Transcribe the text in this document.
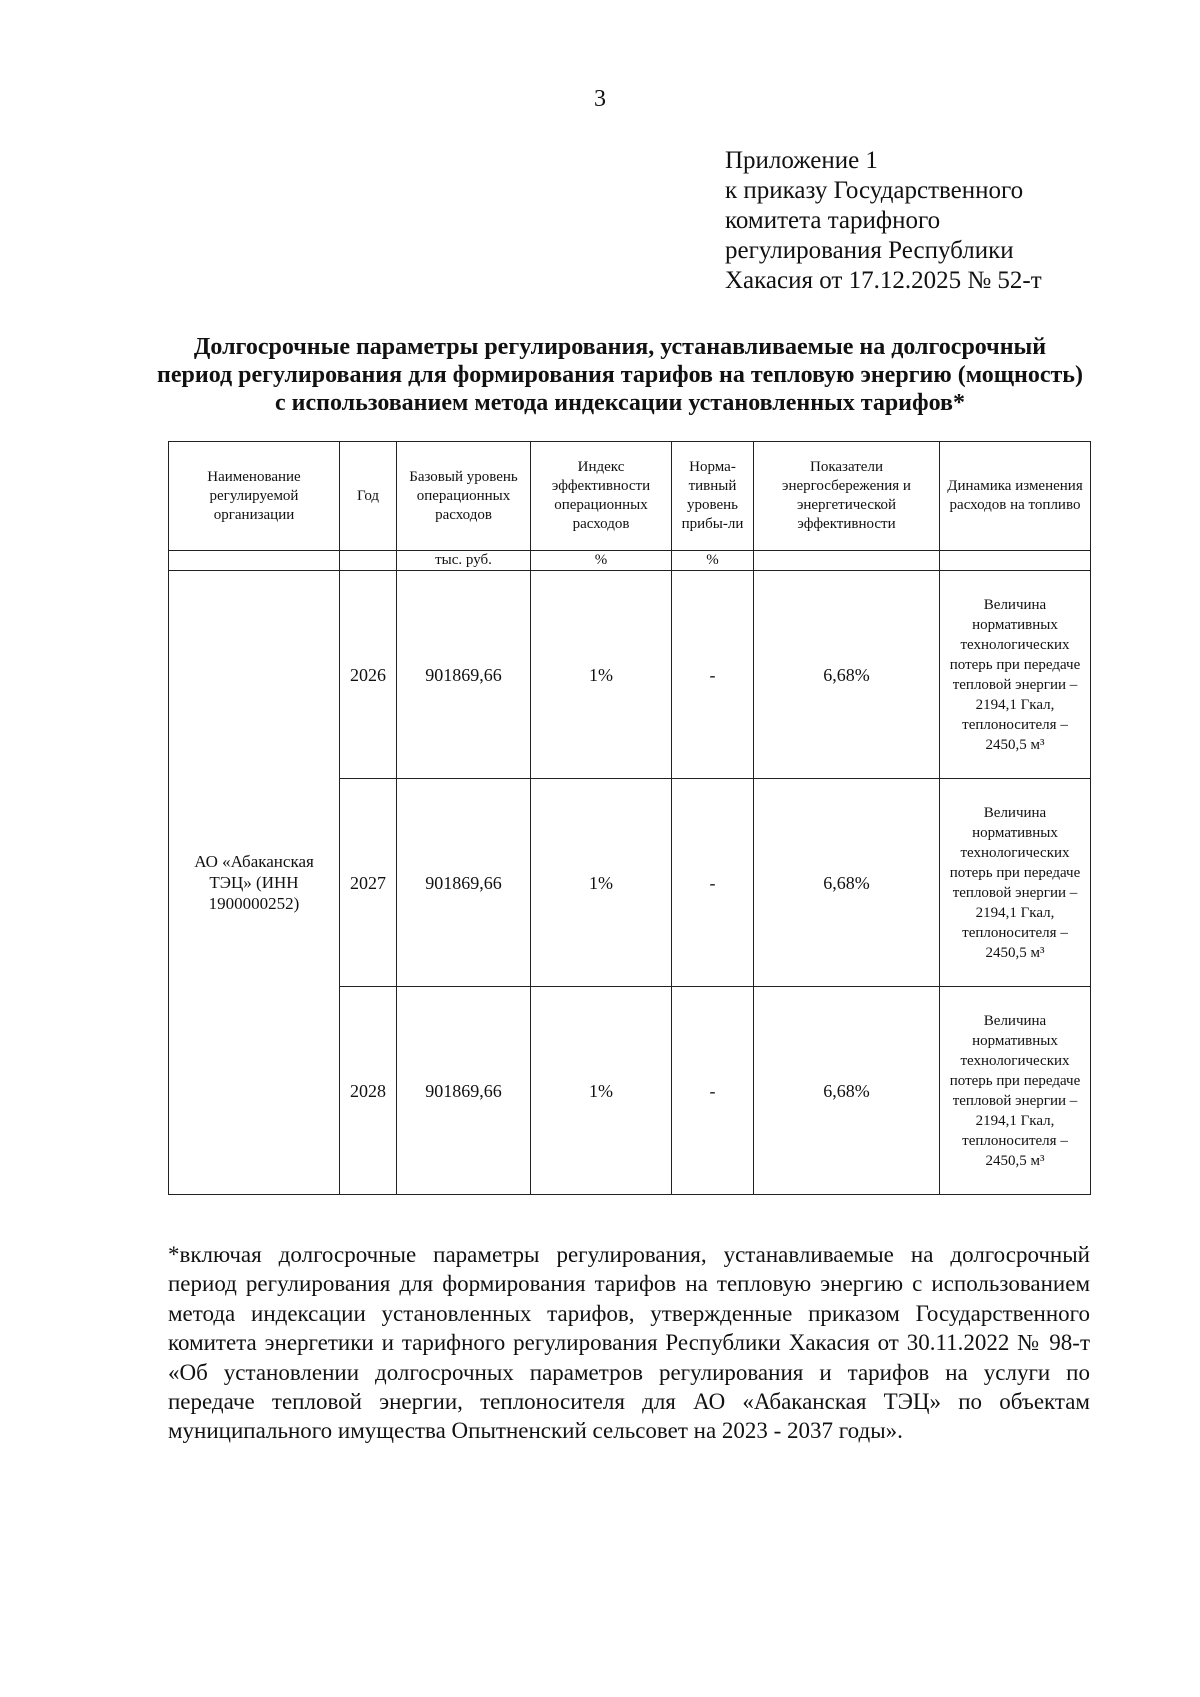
3
Приложение 1
к приказу Государственного
комитета тарифного
регулирования Республики
Хакасия от 17.12.2025 № 52-т
Долгосрочные параметры регулирования, устанавливаемые на долгосрочный
период регулирования для формирования тарифов на тепловую энергию (мощность)
с использованием метода индексации установленных тарифов*
Наименование регулируемой организации	Год	Базовый уровень операционных расходов	Индекс эффективности операционных расходов	Норма-тивный уровень прибы-ли	Показатели энергосбережения и энергетической эффективности	Динамика изменения расходов на топливо
		тыс. руб.	%	%		
АО «Абаканская ТЭЦ» (ИНН 1900000252)	2026	901869,66	1%	-	6,68%	Величина нормативных технологических потерь при передаче тепловой энергии – 2194,1 Гкал, теплоносителя – 2450,5 м³
	2027	901869,66	1%	-	6,68%	Величина нормативных технологических потерь при передаче тепловой энергии – 2194,1 Гкал, теплоносителя – 2450,5 м³
	2028	901869,66	1%	-	6,68%	Величина нормативных технологических потерь при передаче тепловой энергии – 2194,1 Гкал, теплоносителя – 2450,5 м³

*включая долгосрочные параметры регулирования, устанавливаемые на долгосрочный период регулирования для формирования тарифов на тепловую энергию с использованием метода индексации установленных тарифов, утвержденные приказом Государственного комитета энергетики и тарифного регулирования Республики Хакасия от 30.11.2022 № 98-т «Об установлении долгосрочных параметров регулирования и тарифов на услуги по передаче тепловой энергии, теплоносителя для АО «Абаканская ТЭЦ» по объектам муниципального имущества Опытненский сельсовет на 2023 - 2037 годы».
